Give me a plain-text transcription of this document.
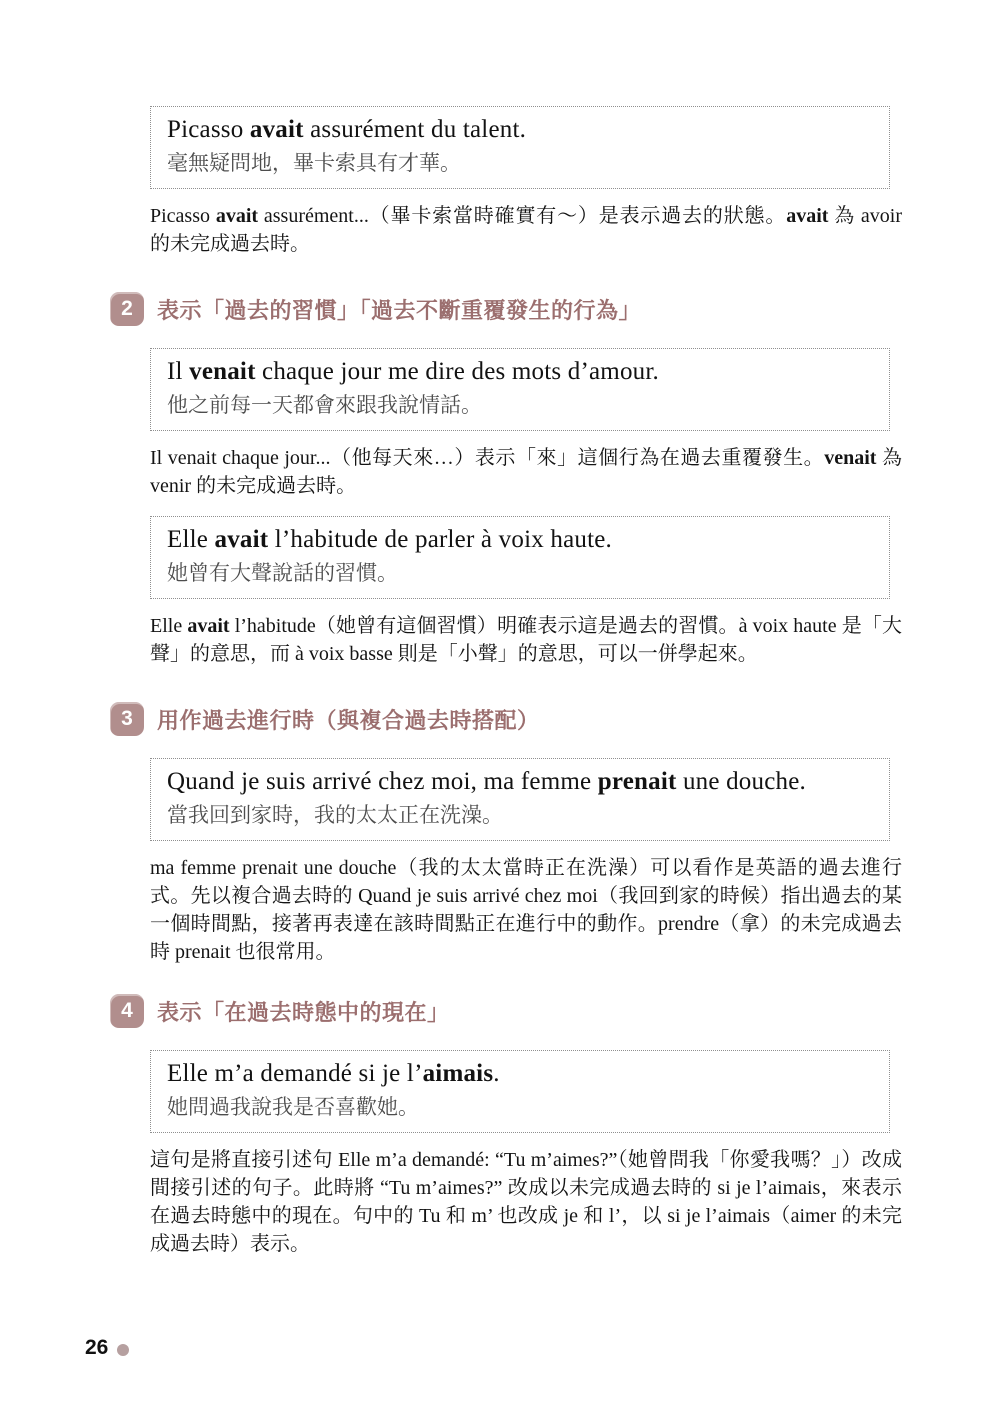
Picasso avait assurément du talent.

毫無疑問地，畢卡索具有才華。

Picasso avait assurément...（畢卡索當時確實有～）是表示過去的狀態。avait 為 avoir 的未完成過去時。

2	表示「過去的習慣」「過去不斷重覆發生的行為」

Il venait chaque jour me dire des mots d’amour.

他之前每一天都會來跟我說情話。

Il venait chaque jour...（他每天來…）表示「來」這個行為在過去重覆發生。venait 為 venir 的未完成過去時。

Elle avait l’habitude de parler à voix haute.

她曾有大聲說話的習慣。

Elle avait l’habitude（她曾有這個習慣）明確表示這是過去的習慣。à voix haute 是「大聲」的意思，而 à voix basse 則是「小聲」的意思，可以一併學起來。

3	用作過去進行時（與複合過去時搭配）

Quand je suis arrivé chez moi, ma femme prenait une douche.

當我回到家時，我的太太正在洗澡。

ma femme prenait une douche（我的太太當時正在洗澡）可以看作是英語的過去進行式。先以複合過去時的 Quand je suis arrivé chez moi（我回到家的時候）指出過去的某一個時間點，接著再表達在該時間點正在進行中的動作。prendre（拿）的未完成過去時 prenait 也很常用。

4	表示「在過去時態中的現在」

Elle m’a demandé si je l’aimais.

她問過我說我是否喜歡她。

這句是將直接引述句 Elle m’a demandé: “Tu m’aimes?”（她曾問我「你愛我嗎？」）改成間接引述的句子。此時將 “Tu m’aimes?” 改成以未完成過去時的 si je l’aimais，來表示在過去時態中的現在。句中的 Tu 和 m’ 也改成 je 和 l’，以 si je l’aimais（aimer 的未完成過去時）表示。

26
